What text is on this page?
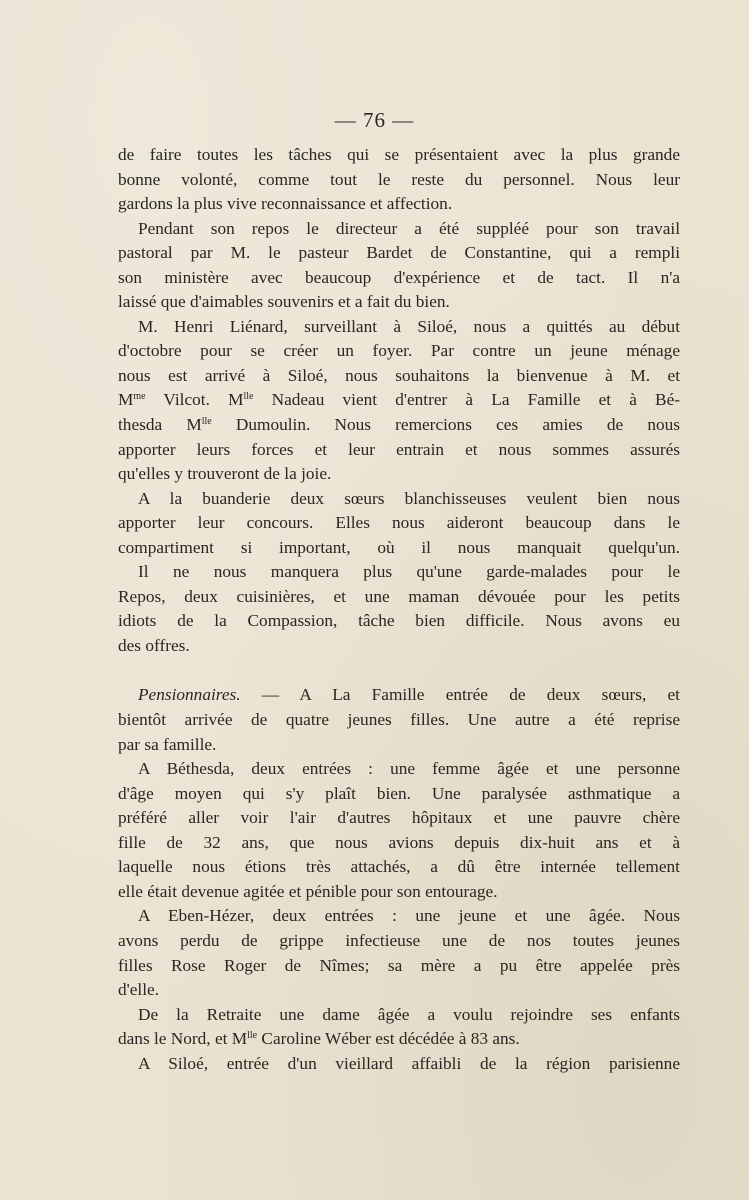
— 76 —
de faire toutes les tâches qui se présentaient avec la plus grande
bonne volonté, comme tout le reste du personnel. Nous leur
gardons la plus vive reconnaissance et affection.
Pendant son repos le directeur a été suppléé pour son travail
pastoral par M. le pasteur Bardet de Constantine, qui a rempli
son ministère avec beaucoup d'expérience et de tact. Il n'a
laissé que d'aimables souvenirs et a fait du bien.
M. Henri Liénard, surveillant à Siloé, nous a quittés au début
d'octobre pour se créer un foyer. Par contre un jeune ménage
nous est arrivé à Siloé, nous souhaitons la bienvenue à M. et
$M^{me}$ Vilcot. $M^{lle}$ Nadeau vient d'entrer à La Famille et à Bé-
thesda $M^{lle}$ Dumoulin. Nous remercions ces amies de nous
apporter leurs forces et leur entrain et nous sommes assurés
qu'elles y trouveront de la joie.
A la buanderie deux sœurs blanchisseuses veulent bien nous
apporter leur concours. Elles nous aideront beaucoup dans le
compartiment si important, où il nous manquait quelqu'un.
Il ne nous manquera plus qu'une garde-malades pour le
Repos, deux cuisinières, et une maman dévouée pour les petits
idiots de la Compassion, tâche bien difficile. Nous avons eu
des offres.
Pensionnaires. — A La Famille entrée de deux sœurs, et
bientôt arrivée de quatre jeunes filles. Une autre a été reprise
par sa famille.
A Béthesda, deux entrées : une femme âgée et une personne
d'âge moyen qui s'y plaît bien. Une paralysée asthmatique a
préféré aller voir l'air d'autres hôpitaux et une pauvre chère
fille de 32 ans, que nous avions depuis dix-huit ans et à
laquelle nous étions très attachés, a dû être internée tellement
elle était devenue agitée et pénible pour son entourage.
A Eben-Hézer, deux entrées : une jeune et une âgée. Nous
avons perdu de grippe infectieuse une de nos toutes jeunes
filles Rose Roger de Nîmes; sa mère a pu être appelée près
d'elle.
De la Retraite une dame âgée a voulu rejoindre ses enfants
dans le Nord, et $M^{lle}$ Caroline Wéber est décédée à 83 ans.
A Siloé, entrée d'un vieillard affaibli de la région parisienne
